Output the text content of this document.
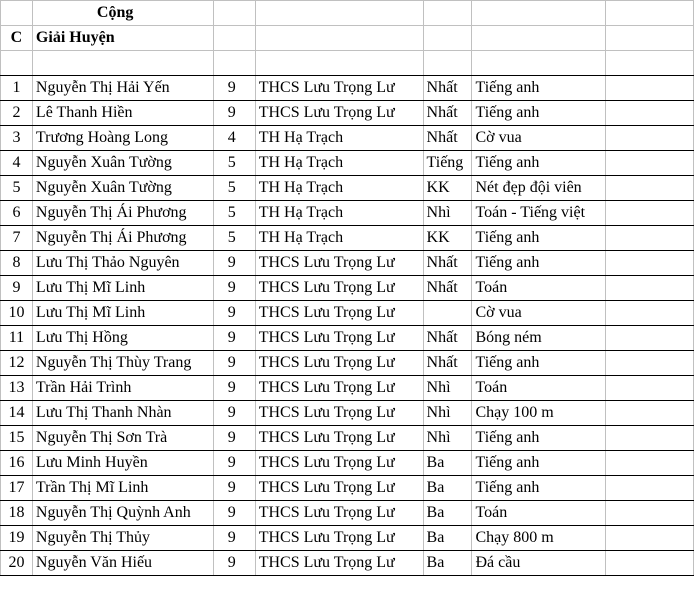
	Cộng					
C	Giải Huyện					

1	Nguyễn Thị Hải Yến	9	THCS Lưu Trọng Lư	Nhất	Tiếng anh	
2	Lê Thanh Hiền	9	THCS Lưu Trọng Lư	Nhất	Tiếng anh	
3	Trương Hoàng Long	4	TH Hạ Trạch	Nhất	Cờ vua	
4	Nguyễn Xuân Tường	5	TH Hạ Trạch	Tiếng	Tiếng anh	
5	Nguyễn Xuân Tường	5	TH Hạ Trạch	KK	Nét đẹp đội viên	
6	Nguyễn Thị Ái Phương	5	TH Hạ Trạch	Nhì	Toán - Tiếng việt	
7	Nguyễn Thị Ái Phương	5	TH Hạ Trạch	KK	Tiếng anh	
8	Lưu Thị Thảo Nguyên	9	THCS Lưu Trọng Lư	Nhất	Tiếng anh	
9	Lưu Thị Mĩ Linh	9	THCS Lưu Trọng Lư	Nhất	Toán	
10	Lưu Thị Mĩ Linh	9	THCS Lưu Trọng Lư		Cờ vua	
11	Lưu Thị Hồng	9	THCS Lưu Trọng Lư	Nhất	Bóng ném	
12	Nguyễn Thị Thùy Trang	9	THCS Lưu Trọng Lư	Nhất	Tiếng anh	
13	Trần Hải Trình	9	THCS Lưu Trọng Lư	Nhì	Toán	
14	Lưu Thị Thanh Nhàn	9	THCS Lưu Trọng Lư	Nhì	Chạy 100 m	
15	Nguyễn Thị Sơn Trà	9	THCS Lưu Trọng Lư	Nhì	Tiếng anh	
16	Lưu Minh Huyền	9	THCS Lưu Trọng Lư	Ba	Tiếng anh	
17	Trần Thị Mĩ Linh	9	THCS Lưu Trọng Lư	Ba	Tiếng anh	
18	Nguyễn Thị Quỳnh Anh	9	THCS Lưu Trọng Lư	Ba	Toán	
19	Nguyễn Thị Thủy	9	THCS Lưu Trọng Lư	Ba	Chạy 800 m	
20	Nguyễn Văn Hiếu	9	THCS Lưu Trọng Lư	Ba	Đá cầu	
